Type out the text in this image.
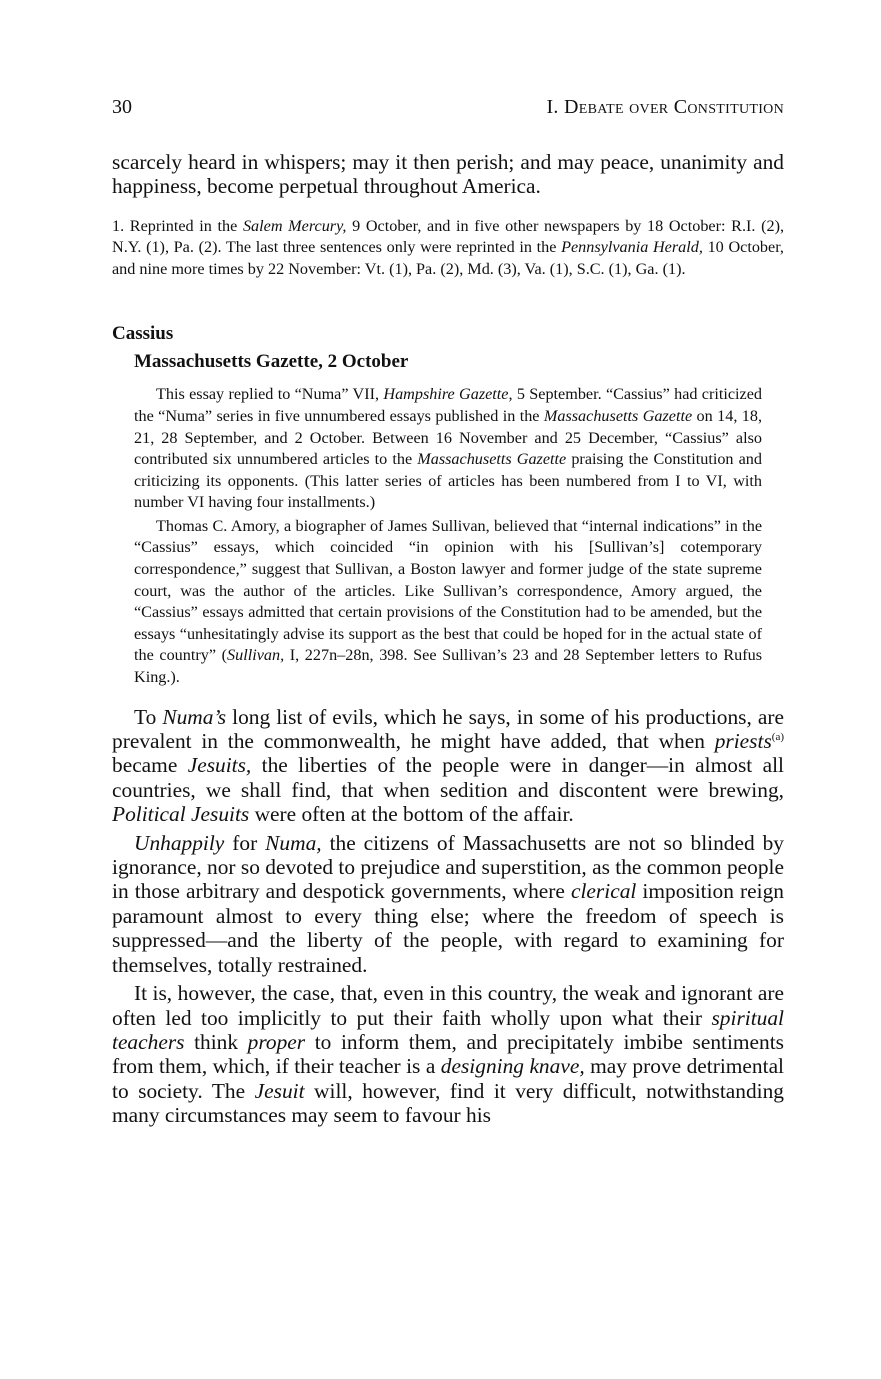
30	I. Debate over Constitution

scarcely heard in whispers; may it then perish; and may peace, unanimity and happiness, become perpetual throughout America.

1. Reprinted in the Salem Mercury, 9 October, and in five other newspapers by 18 October: R.I. (2), N.Y. (1), Pa. (2). The last three sentences only were reprinted in the Pennsylvania Herald, 10 October, and nine more times by 22 November: Vt. (1), Pa. (2), Md. (3), Va. (1), S.C. (1), Ga. (1).

Cassius
Massachusetts Gazette, 2 October

This essay replied to “Numa” VII, Hampshire Gazette, 5 September. “Cassius” had criticized the “Numa” series in five unnumbered essays published in the Massachusetts Gazette on 14, 18, 21, 28 September, and 2 October. Between 16 November and 25 December, “Cassius” also contributed six unnumbered articles to the Massachusetts Gazette praising the Constitution and criticizing its opponents. (This latter series of articles has been numbered from I to VI, with number VI having four installments.)

Thomas C. Amory, a biographer of James Sullivan, believed that “internal indications” in the “Cassius” essays, which coincided “in opinion with his [Sullivan’s] cotemporary correspondence,” suggest that Sullivan, a Boston lawyer and former judge of the state supreme court, was the author of the articles. Like Sullivan’s correspondence, Amory argued, the “Cassius” essays admitted that certain provisions of the Constitution had to be amended, but the essays “unhesitatingly advise its support as the best that could be hoped for in the actual state of the country” (Sullivan, I, 227n–28n, 398. See Sullivan’s 23 and 28 September letters to Rufus King.).

To Numa’s long list of evils, which he says, in some of his productions, are prevalent in the commonwealth, he might have added, that when priests$^{(a)}$ became Jesuits, the liberties of the people were in danger—in almost all countries, we shall find, that when sedition and discontent were brewing, Political Jesuits were often at the bottom of the affair.

Unhappily for Numa, the citizens of Massachusetts are not so blinded by ignorance, nor so devoted to prejudice and superstition, as the common people in those arbitrary and despotick governments, where clerical imposition reign paramount almost to every thing else; where the freedom of speech is suppressed—and the liberty of the people, with regard to examining for themselves, totally restrained.

It is, however, the case, that, even in this country, the weak and ignorant are often led too implicitly to put their faith wholly upon what their spiritual teachers think proper to inform them, and precipitately imbibe sentiments from them, which, if their teacher is a designing knave, may prove detrimental to society. The Jesuit will, however, find it very difficult, notwithstanding many circumstances may seem to favour his
